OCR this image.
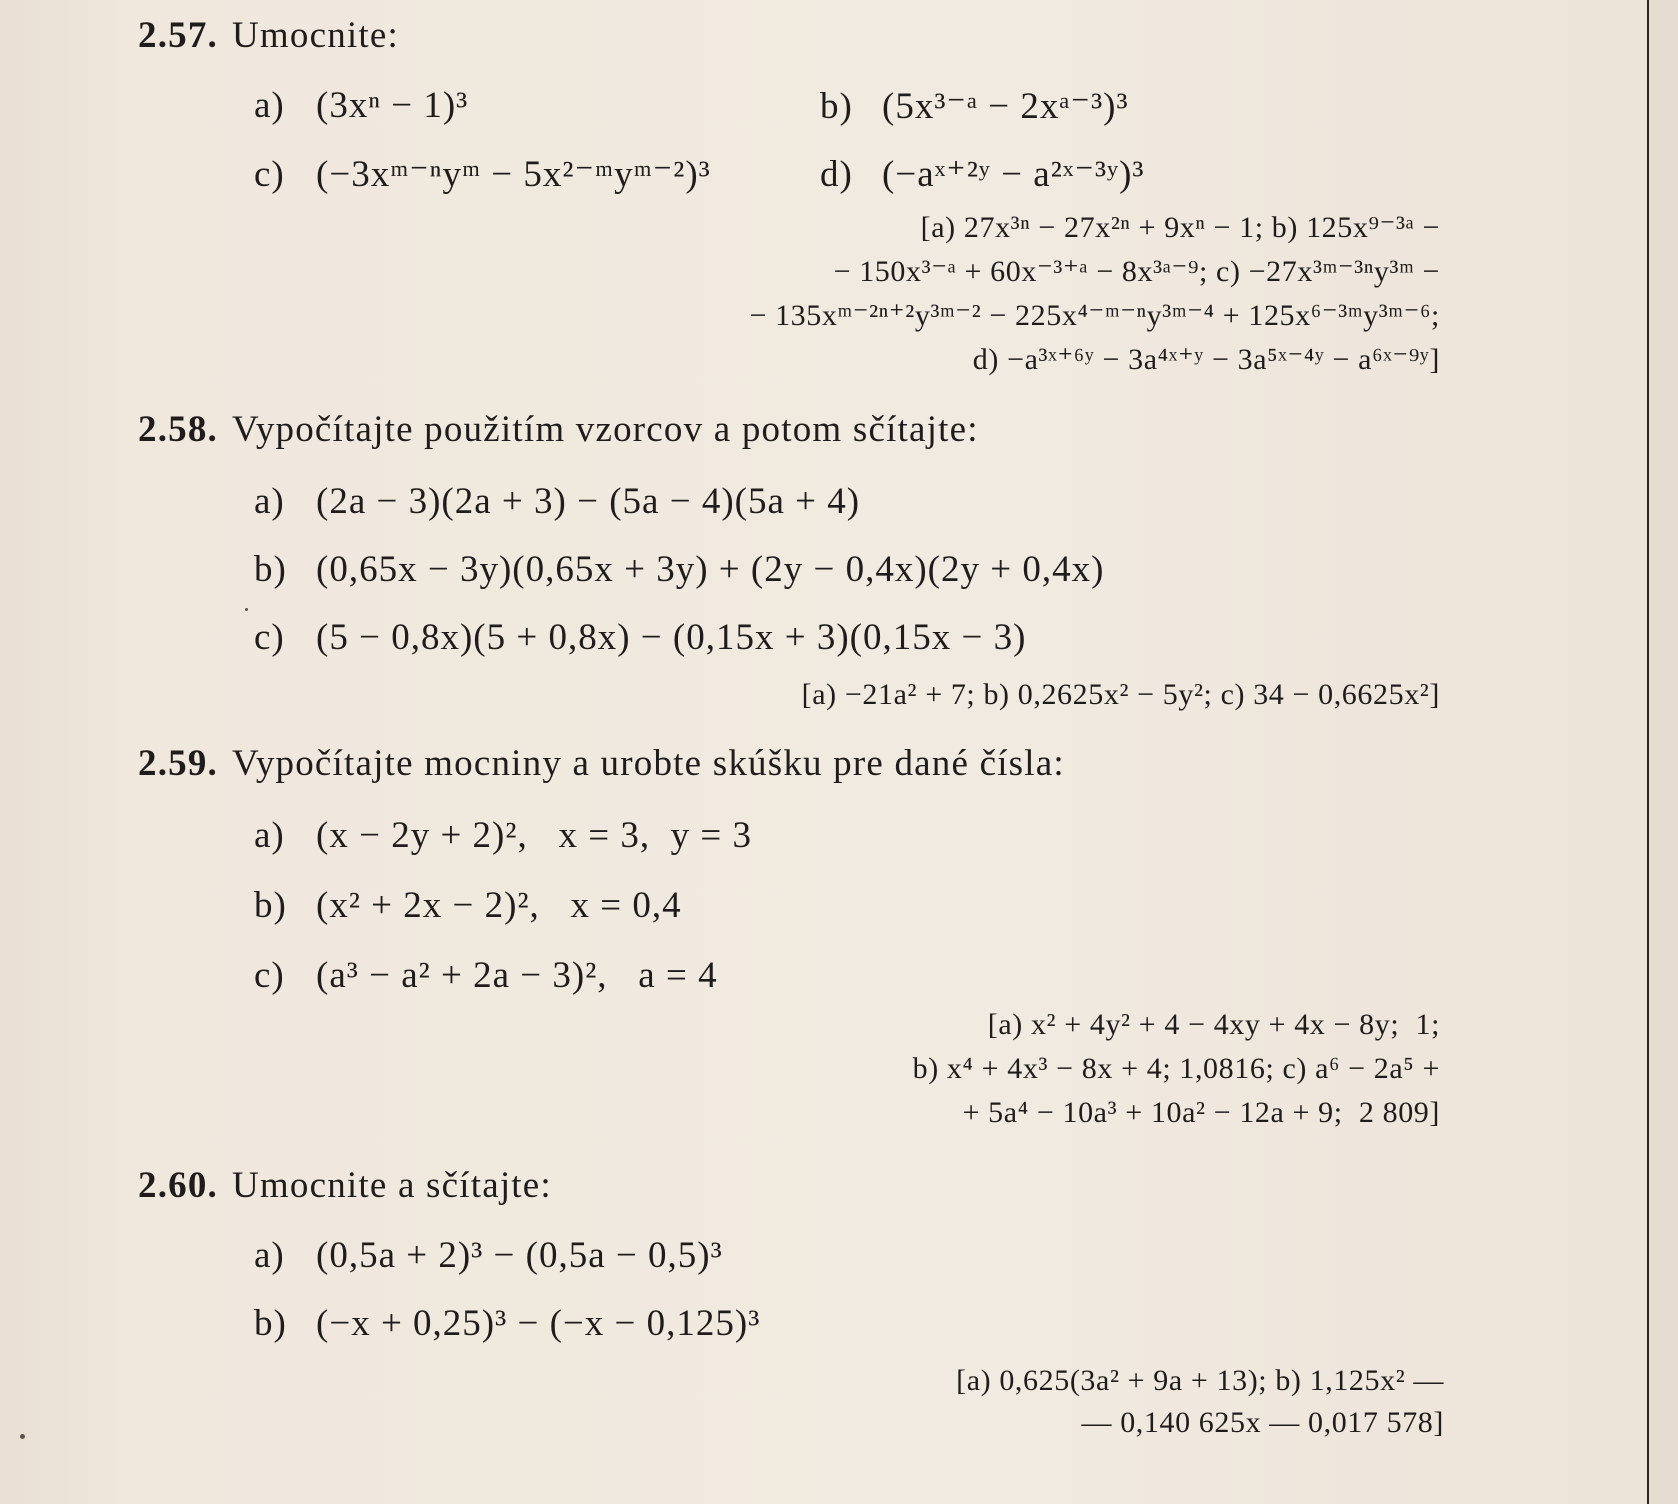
2.57. Umocnite:
a) (3xⁿ − 1)³	b) (5x³⁻ᵃ − 2xᵃ⁻³)³
c) (−3xᵐ⁻ⁿyᵐ − 5x²⁻ᵐyᵐ⁻²)³	d) (−aˣ⁺²ʸ − a²ˣ⁻³ʸ)³
[a) 27x³ⁿ − 27x²ⁿ + 9xⁿ − 1; b) 125x⁹⁻³ᵃ −
− 150x³⁻ᵃ + 60x⁻³⁺ᵃ − 8x³ᵃ⁻⁹; c) −27x³ᵐ⁻³ⁿy³ᵐ −
− 135xᵐ⁻²ⁿ⁺²y³ᵐ⁻² − 225x⁴⁻ᵐ⁻ⁿy³ᵐ⁻⁴ + 125x⁶⁻³ᵐy³ᵐ⁻⁶;
d) −a³ˣ⁺⁶ʸ − 3a⁴ˣ⁺ʸ − 3a⁵ˣ⁻⁴ʸ − a⁶ˣ⁻⁹ʸ]
2.58. Vypočítajte použitím vzorcov a potom sčítajte:
a) (2a − 3)(2a + 3) − (5a − 4)(5a + 4)
b) (0,65x − 3y)(0,65x + 3y) + (2y − 0,4x)(2y + 0,4x)
c) (5 − 0,8x)(5 + 0,8x) − (0,15x + 3)(0,15x − 3)
[a) −21a² + 7; b) 0,2625x² − 5y²; c) 34 − 0,6625x²]
2.59. Vypočítajte mocniny a urobte skúšku pre dané čísla:
a) (x − 2y + 2)²,   x = 3,  y = 3
b) (x² + 2x − 2)²,   x = 0,4
c) (a³ − a² + 2a − 3)²,   a = 4
[a) x² + 4y² + 4 − 4xy + 4x − 8y;  1;
b) x⁴ + 4x³ − 8x + 4; 1,0816; c) a⁶ − 2a⁵ +
+ 5a⁴ − 10a³ + 10a² − 12a + 9;  2 809]
2.60. Umocnite a sčítajte:
a) (0,5a + 2)³ − (0,5a − 0,5)³
b) (−x + 0,25)³ − (−x − 0,125)³
[a) 0,625(3a² + 9a + 13); b) 1,125x² —
— 0,140 625x — 0,017 578]
